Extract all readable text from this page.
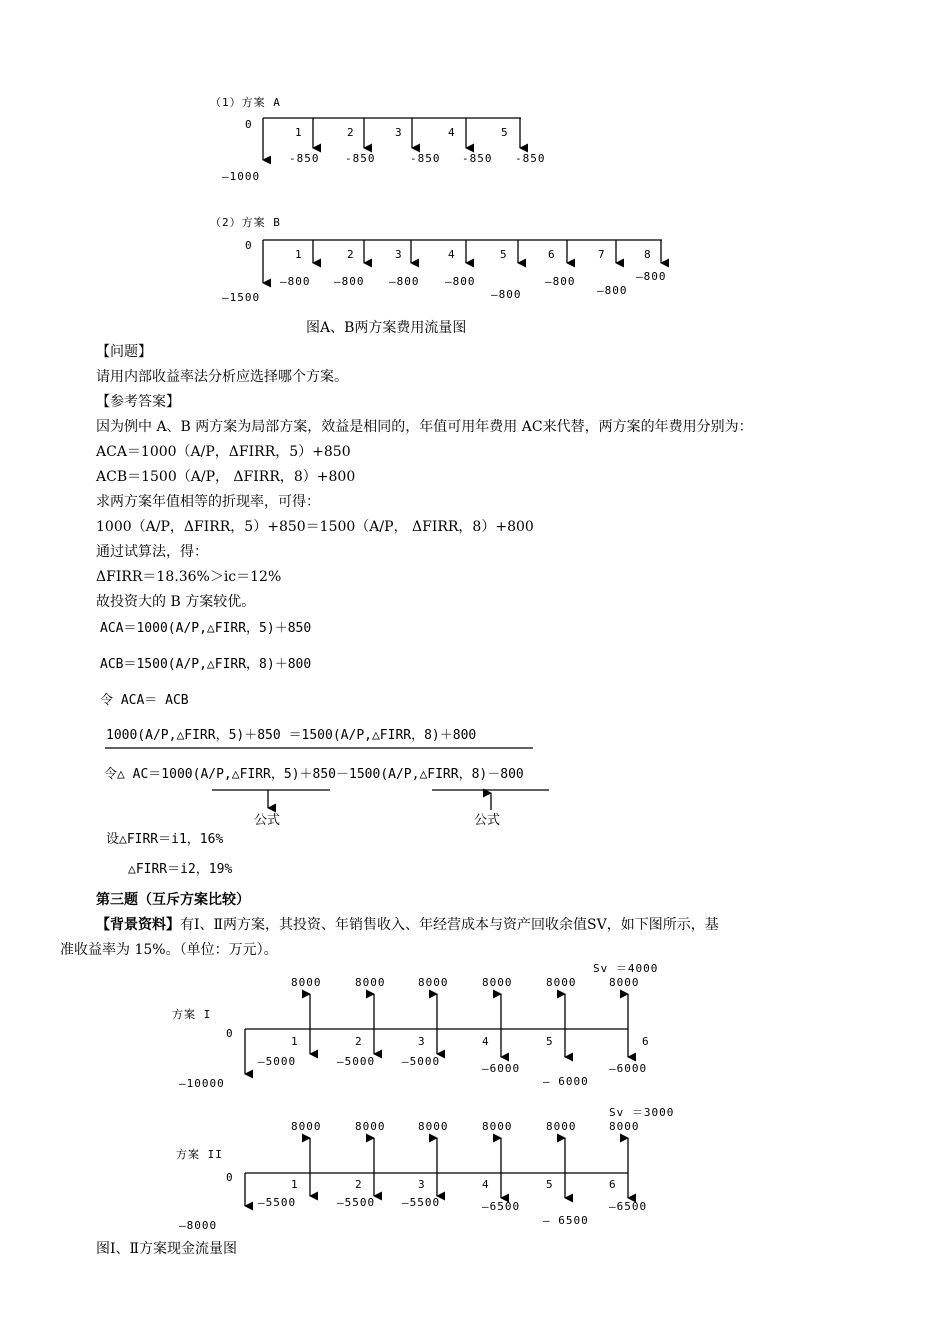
（1）方案 A
0
1	2	3	4	5
-850 -850	-850 -850 -850
—1000
（2）方案 B
0
1	2	3	4	5	6	7	8
—800 —800 —800 —800
—800
—800
—800
—800
—1500
图A、B两方案费用流量图
【问题】
请用内部收益率法分析应选择哪个方案。
【参考答案】
因为例中 A、B 两方案为局部方案，效益是相同的，年值可用年费用 AC来代替，两方案的年费用分别为：
ACA＝1000（A/P，ΔFIRR，5）+850
ACB＝1500（A/P， ΔFIRR，8）+800
求两方案年值相等的折现率，可得：
1000（A/P，ΔFIRR，5）+850＝1500（A/P， ΔFIRR，8）+800
通过试算法，得：
ΔFIRR＝18.36%＞ic＝12%
故投资大的 B 方案较优。
ACA＝1000(A/P,△FIRR，5)＋850
ACB＝1500(A/P,△FIRR，8)＋800
令 ACA＝ ACB
1000(A/P,△FIRR，5)＋850 ＝1500(A/P,△FIRR，8)＋800
令△ AC＝1000(A/P,△FIRR，5)＋850－1500(A/P,△FIRR，8)－800
公式	公式
设△FIRR＝i1，16%
△FIRR＝i2，19%
第三题（互斥方案比较）
【背景资料】有Ⅰ、Ⅱ两方案，其投资、年销售收入、年经营成本与资产回收余值SV，如下图所示，基
准收益率为 15%。（单位：万元）。
Sv ＝4000
8000	8000	8000	8000	8000	8000
方案 I
0
1	2	3	4	5	6
—5000	—5000 —5000
—6000
— 6000
—6000
—10000
Sv ＝3000
8000	8000	8000	8000	8000	8000
方案 II
0
1	2	3	4	5	6
—5500	—5500 —5500	—6500
— 6500
—6500
—8000
图Ⅰ、Ⅱ方案现金流量图
